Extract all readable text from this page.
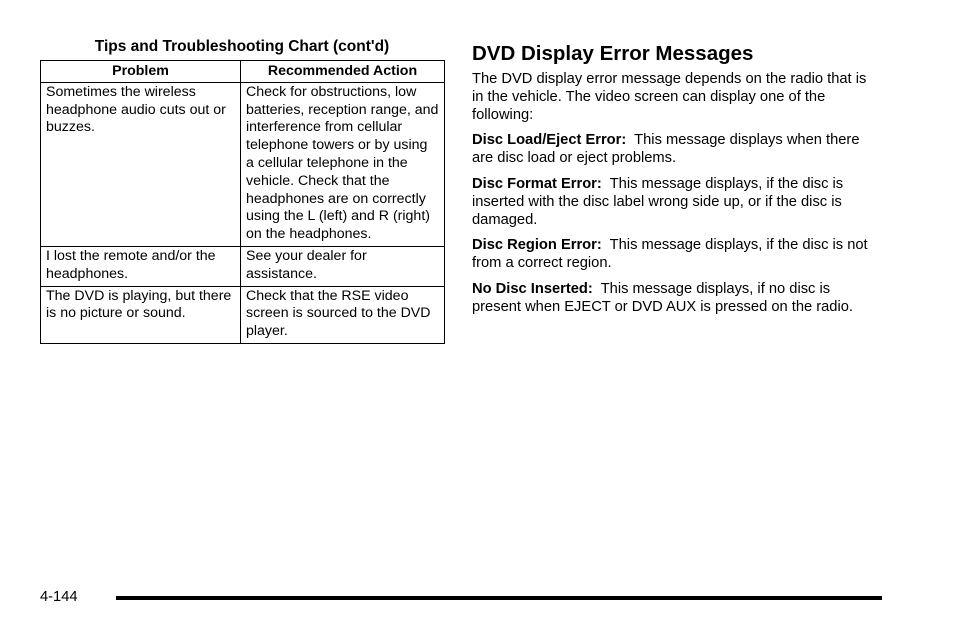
Tips and Troubleshooting Chart (cont'd)
Problem	Recommended Action
Sometimes the wireless headphone audio cuts out or buzzes.	Check for obstructions, low batteries, reception range, and interference from cellular telephone towers or by using a cellular telephone in the vehicle. Check that the headphones are on correctly using the L (left) and R (right) on the headphones.
I lost the remote and/or the headphones.	See your dealer for assistance.
The DVD is playing, but there is no picture or sound.	Check that the RSE video screen is sourced to the DVD player.
DVD Display Error Messages

The DVD display error message depends on the radio that is in the vehicle. The video screen can display one of the following:

Disc Load/Eject Error: This message displays when there are disc load or eject problems.

Disc Format Error: This message displays, if the disc is inserted with the disc label wrong side up, or if the disc is damaged.

Disc Region Error: This message displays, if the disc is not from a correct region.

No Disc Inserted: This message displays, if no disc is present when EJECT or DVD AUX is pressed on the radio.

4-144
